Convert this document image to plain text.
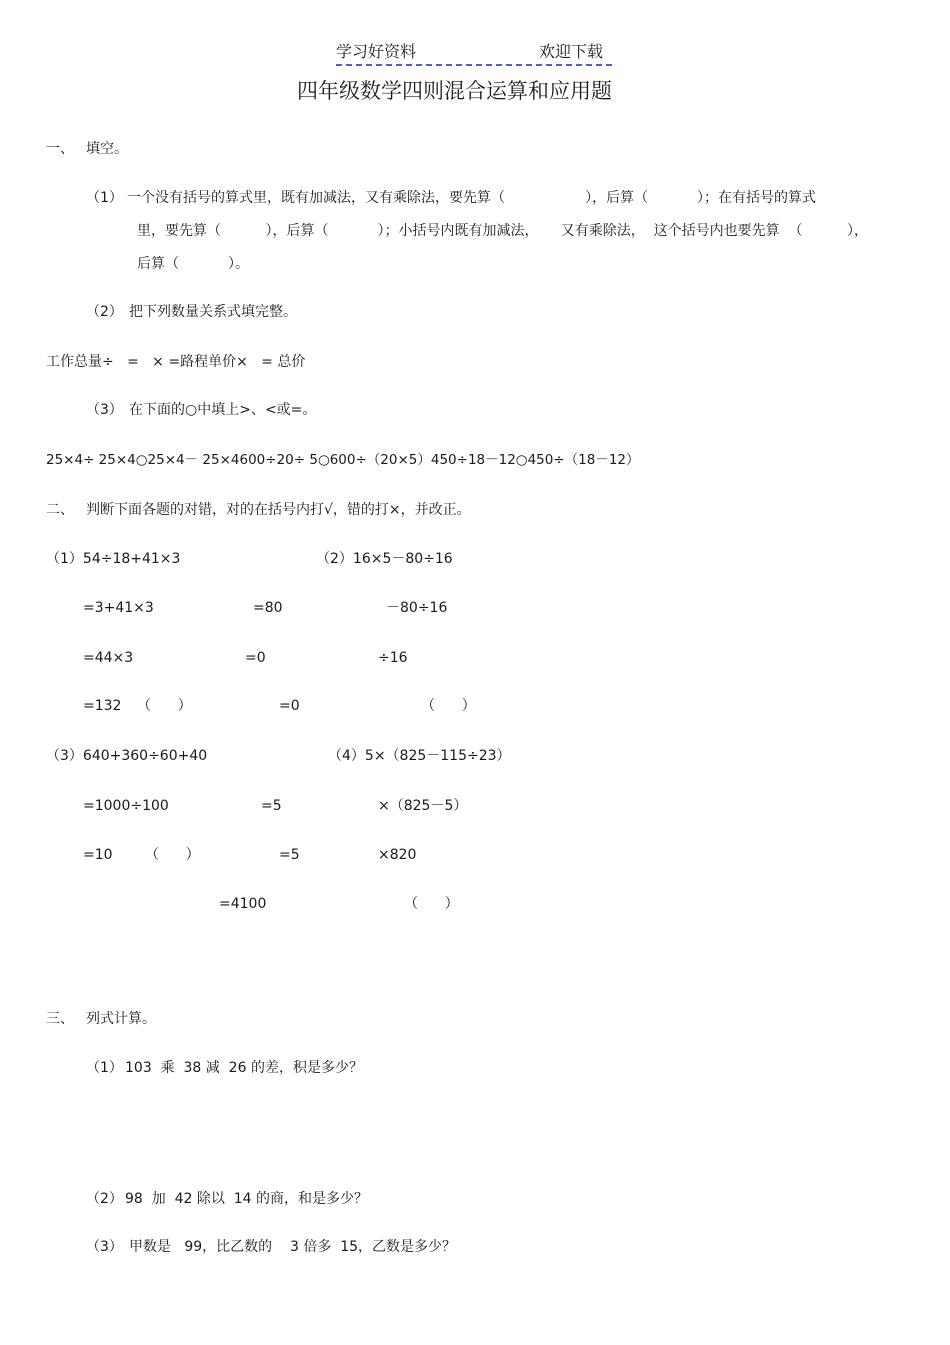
学习好资料	欢迎下载
四年级数学四则混合运算和应用题
一、 填空。
（1） 一个没有括号的算式里，既有加减法，又有乘除法，要先算（                  ），后算（           ）；在有括号的算式
里，要先算（          ），后算（           ）；小括号内既有加减法，     又有乘除法，  这个括号内也要先算  （          ），
后算（           ）。
（2） 把下列数量关系式填完整。
工作总量÷   =   × =路程单价×   = 总价
（3） 在下面的○中填上>、<或=。
25×4÷ 25×4○25×4－ 25×4600÷20÷ 5○600÷（20×5）450÷18－12○450÷（18－12）
二、 判断下面各题的对错，对的在括号内打√，错的打×，并改正。
（1）54÷18+41×3
=3+41×3
=44×3
=132 （      ）
=80
=0
=0
（2）16×5－80÷16
－80÷16
÷16
（      ）
（3）640+360÷60+40
=1000÷100
=10 （      ）
=5
=5
=4100
（4）5×（825－115÷23）
×（825－5）
×820
（      ）
三、 列式计算。
（1） 103  乘  38 减  26 的差，积是多少？
（2） 98  加  42 除以  14 的商，和是多少？
（3） 甲数是   99，比乙数的    3 倍多  15，乙数是多少？
